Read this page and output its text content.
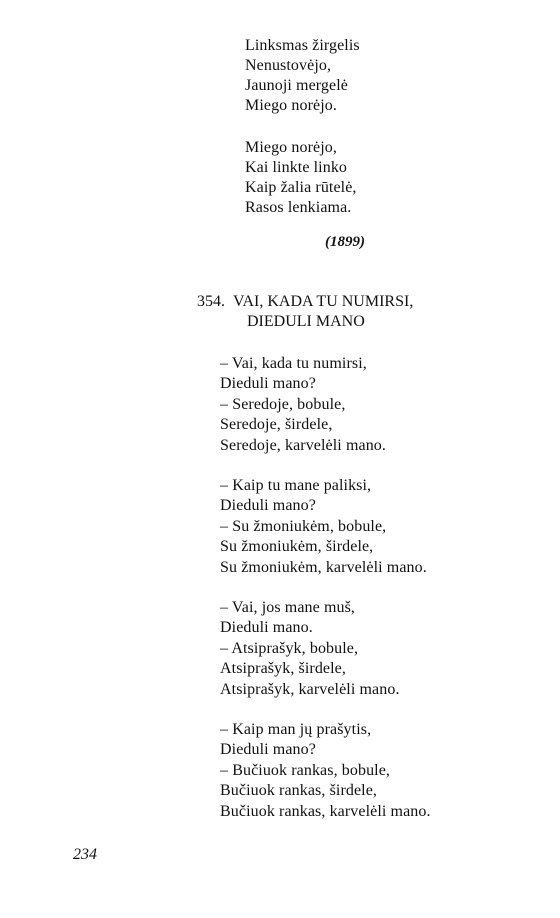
Linksmas žirgelis
Nenustovėjo,
Jaunoji mergelė
Miego norėjo.
Miego norėjo,
Kai linkte linko
Kaip žalia rūtelė,
Rasos lenkiama.
(1899)
354. VAI, KADA TU NUMIRSI,
DIEDULI MANO
– Vai, kada tu numirsi,
Dieduli mano?
– Seredoje, bobule,
Seredoje, širdele,
Seredoje, karvelėli mano.
– Kaip tu mane paliksi,
Dieduli mano?
– Su žmoniukėm, bobule,
Su žmoniukėm, širdele,
Su žmoniukėm, karvelėli mano.
– Vai, jos mane muš,
Dieduli mano.
– Atsiprašyk, bobule,
Atsiprašyk, širdele,
Atsiprašyk, karvelėli mano.
– Kaip man jų prašytis,
Dieduli mano?
– Bučiuok rankas, bobule,
Bučiuok rankas, širdele,
Bučiuok rankas, karvelėli mano.
234
